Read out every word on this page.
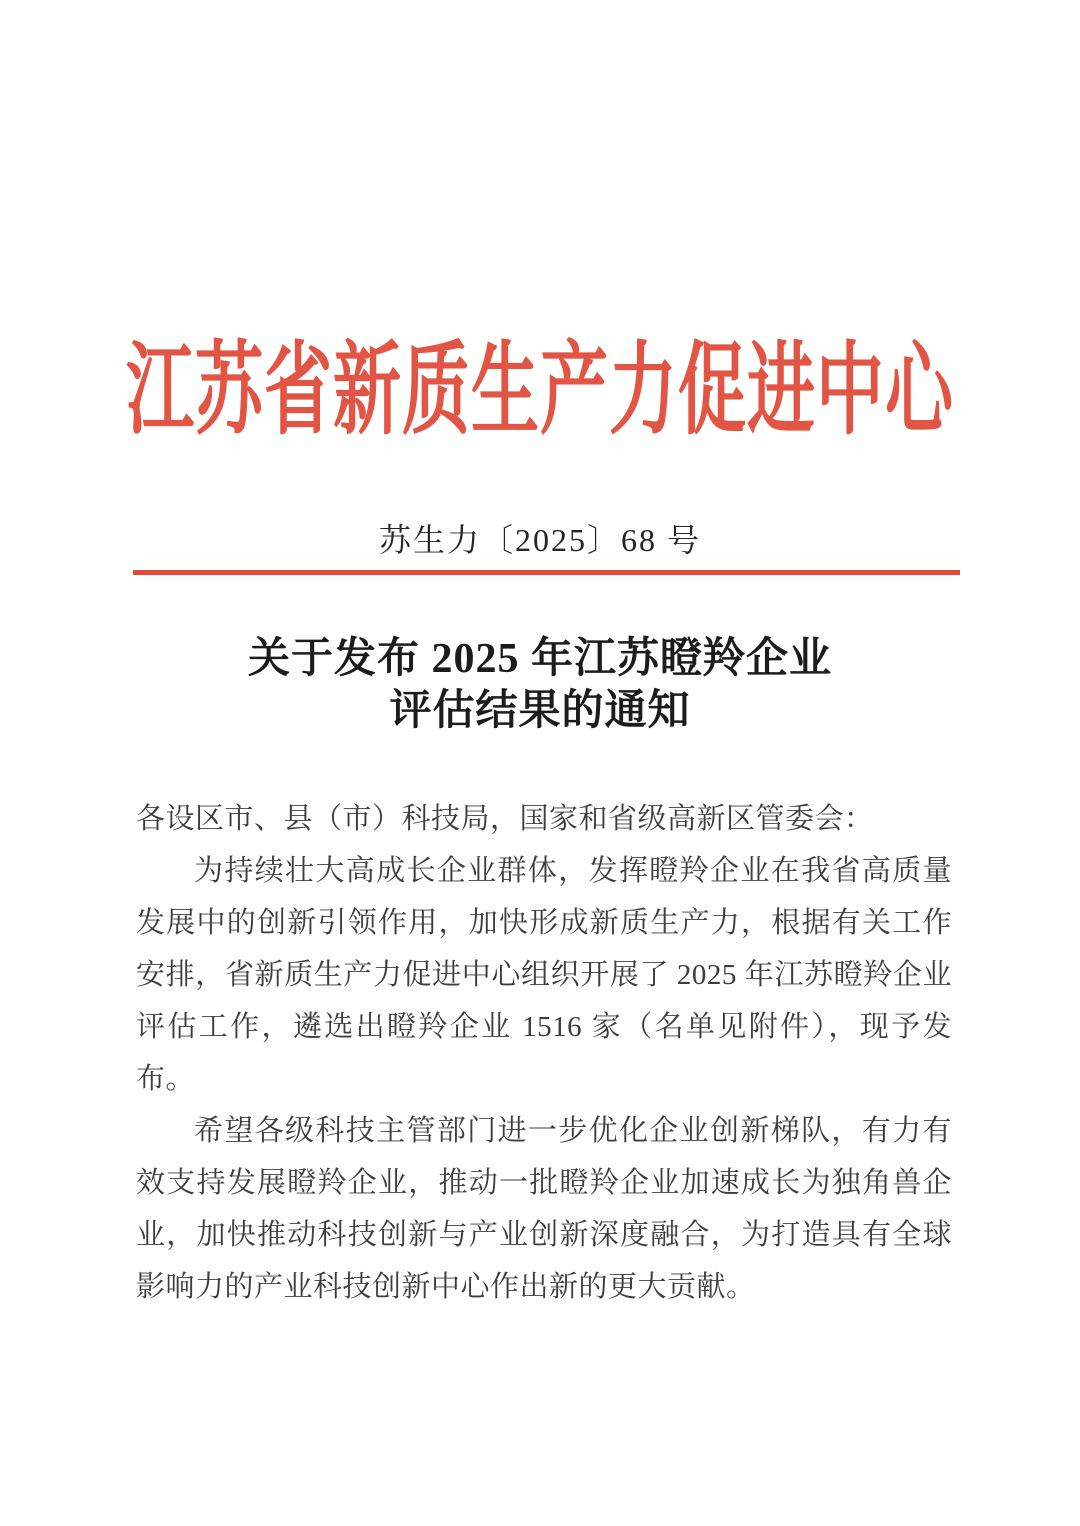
江苏省新质生产力促进中心
苏生力〔2025〕68 号
关于发布 2025 年江苏瞪羚企业
评估结果的通知

各设区市、县（市）科技局，国家和省级高新区管委会：

为持续壮大高成长企业群体，发挥瞪羚企业在我省高质量发展中的创新引领作用，加快形成新质生产力，根据有关工作安排，省新质生产力促进中心组织开展了 2025 年江苏瞪羚企业评估工作，遴选出瞪羚企业 1516 家（名单见附件），现予发布。

希望各级科技主管部门进一步优化企业创新梯队，有力有效支持发展瞪羚企业，推动一批瞪羚企业加速成长为独角兽企业，加快推动科技创新与产业创新深度融合，为打造具有全球影响力的产业科技创新中心作出新的更大贡献。
